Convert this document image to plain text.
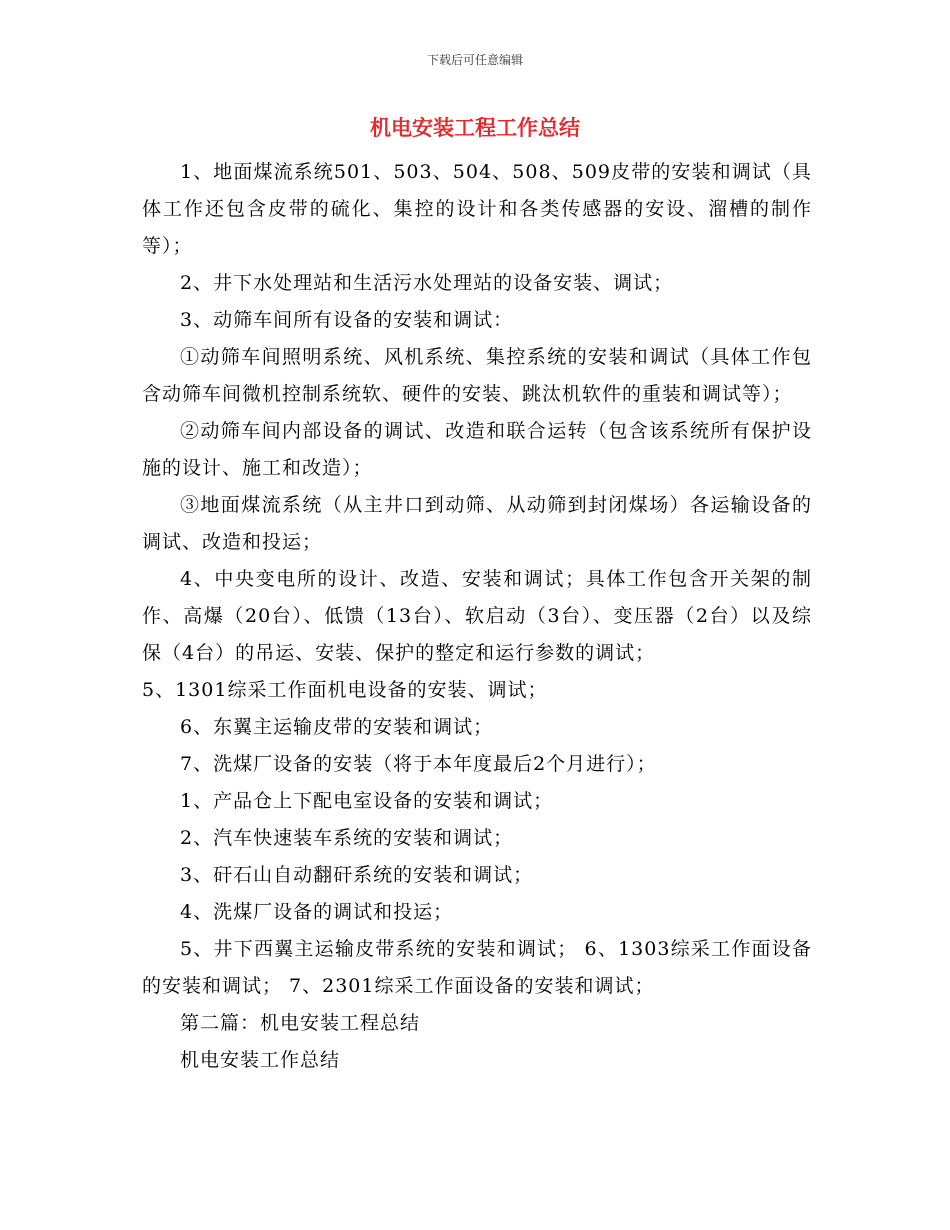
下载后可任意编辑
机电安装工程工作总结

1、地面煤流系统501、503、504、508、509皮带的安装和调试（具体工作还包含皮带的硫化、集控的设计和各类传感器的安设、溜槽的制作等）；

2、井下水处理站和生活污水处理站的设备安装、调试；

3、动筛车间所有设备的安装和调试：

①动筛车间照明系统、风机系统、集控系统的安装和调试（具体工作包含动筛车间微机控制系统软、硬件的安装、跳汰机软件的重装和调试等）；

②动筛车间内部设备的调试、改造和联合运转（包含该系统所有保护设施的设计、施工和改造）；

③地面煤流系统（从主井口到动筛、从动筛到封闭煤场）各运输设备的调试、改造和投运；

4、中央变电所的设计、改造、安装和调试；具体工作包含开关架的制作、高爆（20台）、低馈（13台）、软启动（3台）、变压器（2台）以及综保（4台）的吊运、安装、保护的整定和运行参数的调试；

5、1301综采工作面机电设备的安装、调试；

6、东翼主运输皮带的安装和调试；

7、洗煤厂设备的安装（将于本年度最后2个月进行）；

1、产品仓上下配电室设备的安装和调试；

2、汽车快速装车系统的安装和调试；

3、矸石山自动翻矸系统的安装和调试；

4、洗煤厂设备的调试和投运；

5、井下西翼主运输皮带系统的安装和调试； 6、1303综采工作面设备的安装和调试； 7、2301综采工作面设备的安装和调试；

第二篇：机电安装工程总结

机电安装工作总结
